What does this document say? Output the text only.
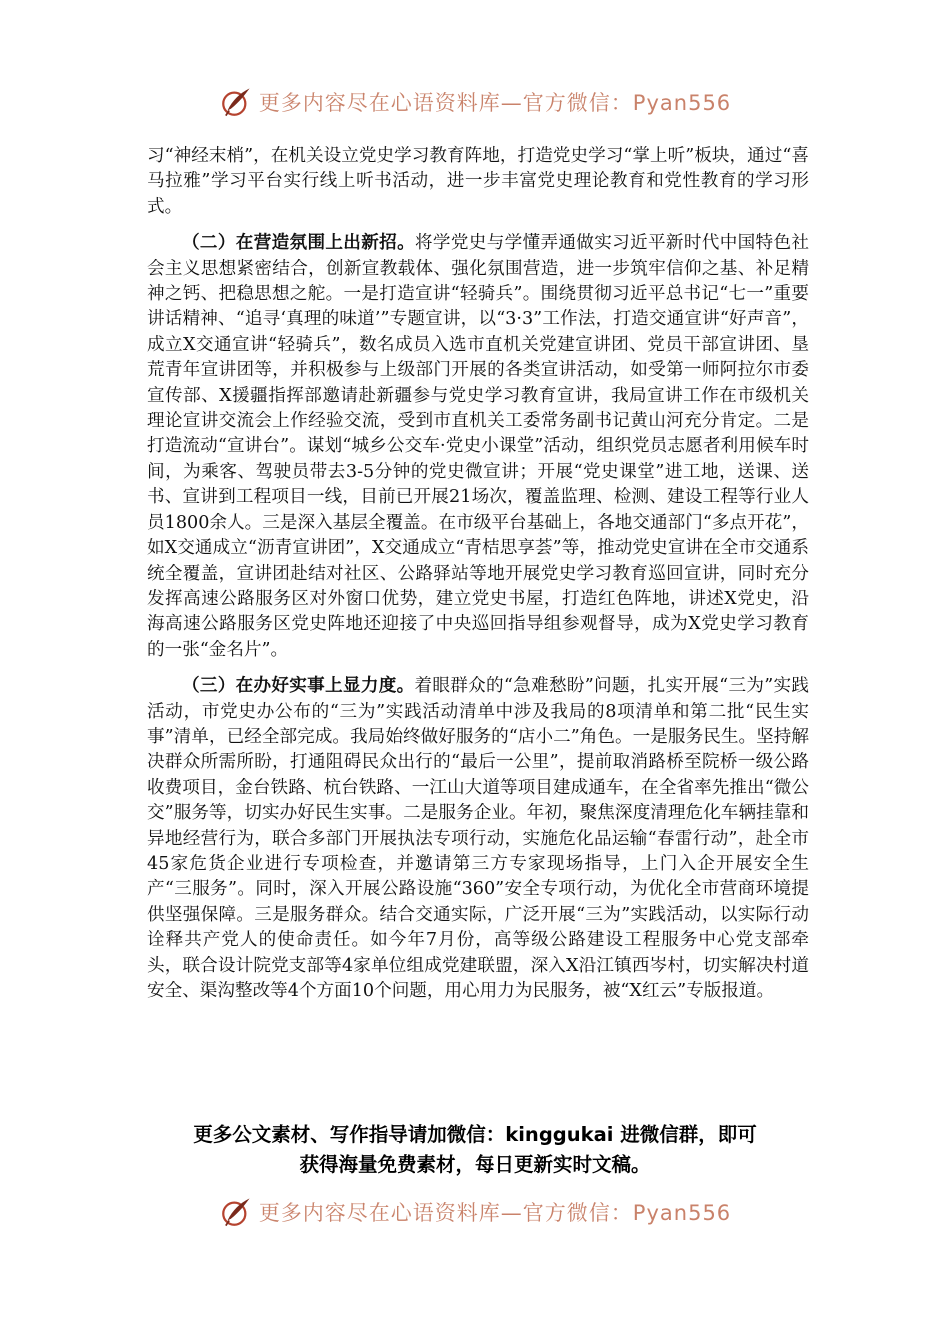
更多内容尽在心语资料库—官方微信：Pyan556

习“神经末梢”，在机关设立党史学习教育阵地，打造党史学习“掌上听”板块，通过“喜马拉雅”学习平台实行线上听书活动，进一步丰富党史理论教育和党性教育的学习形式。

（二）在营造氛围上出新招。将学党史与学懂弄通做实习近平新时代中国特色社会主义思想紧密结合，创新宣教载体、强化氛围营造，进一步筑牢信仰之基、补足精神之钙、把稳思想之舵。一是打造宣讲“轻骑兵”。围绕贯彻习近平总书记“七一”重要讲话精神、“追寻‘真理的味道’”专题宣讲，以“3·3”工作法，打造交通宣讲“好声音”，成立X交通宣讲“轻骑兵”，数名成员入选市直机关党建宣讲团、党员干部宣讲团、垦荒青年宣讲团等，并积极参与上级部门开展的各类宣讲活动，如受第一师阿拉尔市委宣传部、X援疆指挥部邀请赴新疆参与党史学习教育宣讲，我局宣讲工作在市级机关理论宣讲交流会上作经验交流，受到市直机关工委常务副书记黄山河充分肯定。二是打造流动“宣讲台”。谋划“城乡公交车·党史小课堂”活动，组织党员志愿者利用候车时间，为乘客、驾驶员带去3-5分钟的党史微宣讲；开展“党史课堂”进工地，送课、送书、宣讲到工程项目一线，目前已开展21场次，覆盖监理、检测、建设工程等行业人员1800余人。三是深入基层全覆盖。在市级平台基础上，各地交通部门“多点开花”，如X交通成立“沥青宣讲团”，X交通成立“青桔思享荟”等，推动党史宣讲在全市交通系统全覆盖，宣讲团赴结对社区、公路驿站等地开展党史学习教育巡回宣讲，同时充分发挥高速公路服务区对外窗口优势，建立党史书屋，打造红色阵地，讲述X党史，沿海高速公路服务区党史阵地还迎接了中央巡回指导组参观督导，成为X党史学习教育的一张“金名片”。

（三）在办好实事上显力度。着眼群众的“急难愁盼”问题，扎实开展“三为”实践活动，市党史办公布的“三为”实践活动清单中涉及我局的8项清单和第二批“民生实事”清单，已经全部完成。我局始终做好服务的“店小二”角色。一是服务民生。坚持解决群众所需所盼，打通阻碍民众出行的“最后一公里”，提前取消路桥至院桥一级公路收费项目，金台铁路、杭台铁路、一江山大道等项目建成通车，在全省率先推出“微公交”服务等，切实办好民生实事。二是服务企业。年初，聚焦深度清理危化车辆挂靠和异地经营行为，联合多部门开展执法专项行动，实施危化品运输“春雷行动”，赴全市45家危货企业进行专项检查，并邀请第三方专家现场指导，上门入企开展安全生产“三服务”。同时，深入开展公路设施“360”安全专项行动，为优化全市营商环境提供坚强保障。三是服务群众。结合交通实际，广泛开展“三为”实践活动，以实际行动诠释共产党人的使命责任。如今年7月份，高等级公路建设工程服务中心党支部牵头，联合设计院党支部等4家单位组成党建联盟，深入X沿江镇西岑村，切实解决村道安全、渠沟整改等4个方面10个问题，用心用力为民服务，被“X红云”专版报道。

更多公文素材、写作指导请加微信：kinggukai 进微信群，即可
获得海量免费素材，每日更新实时文稿。
更多内容尽在心语资料库—官方微信：Pyan556
